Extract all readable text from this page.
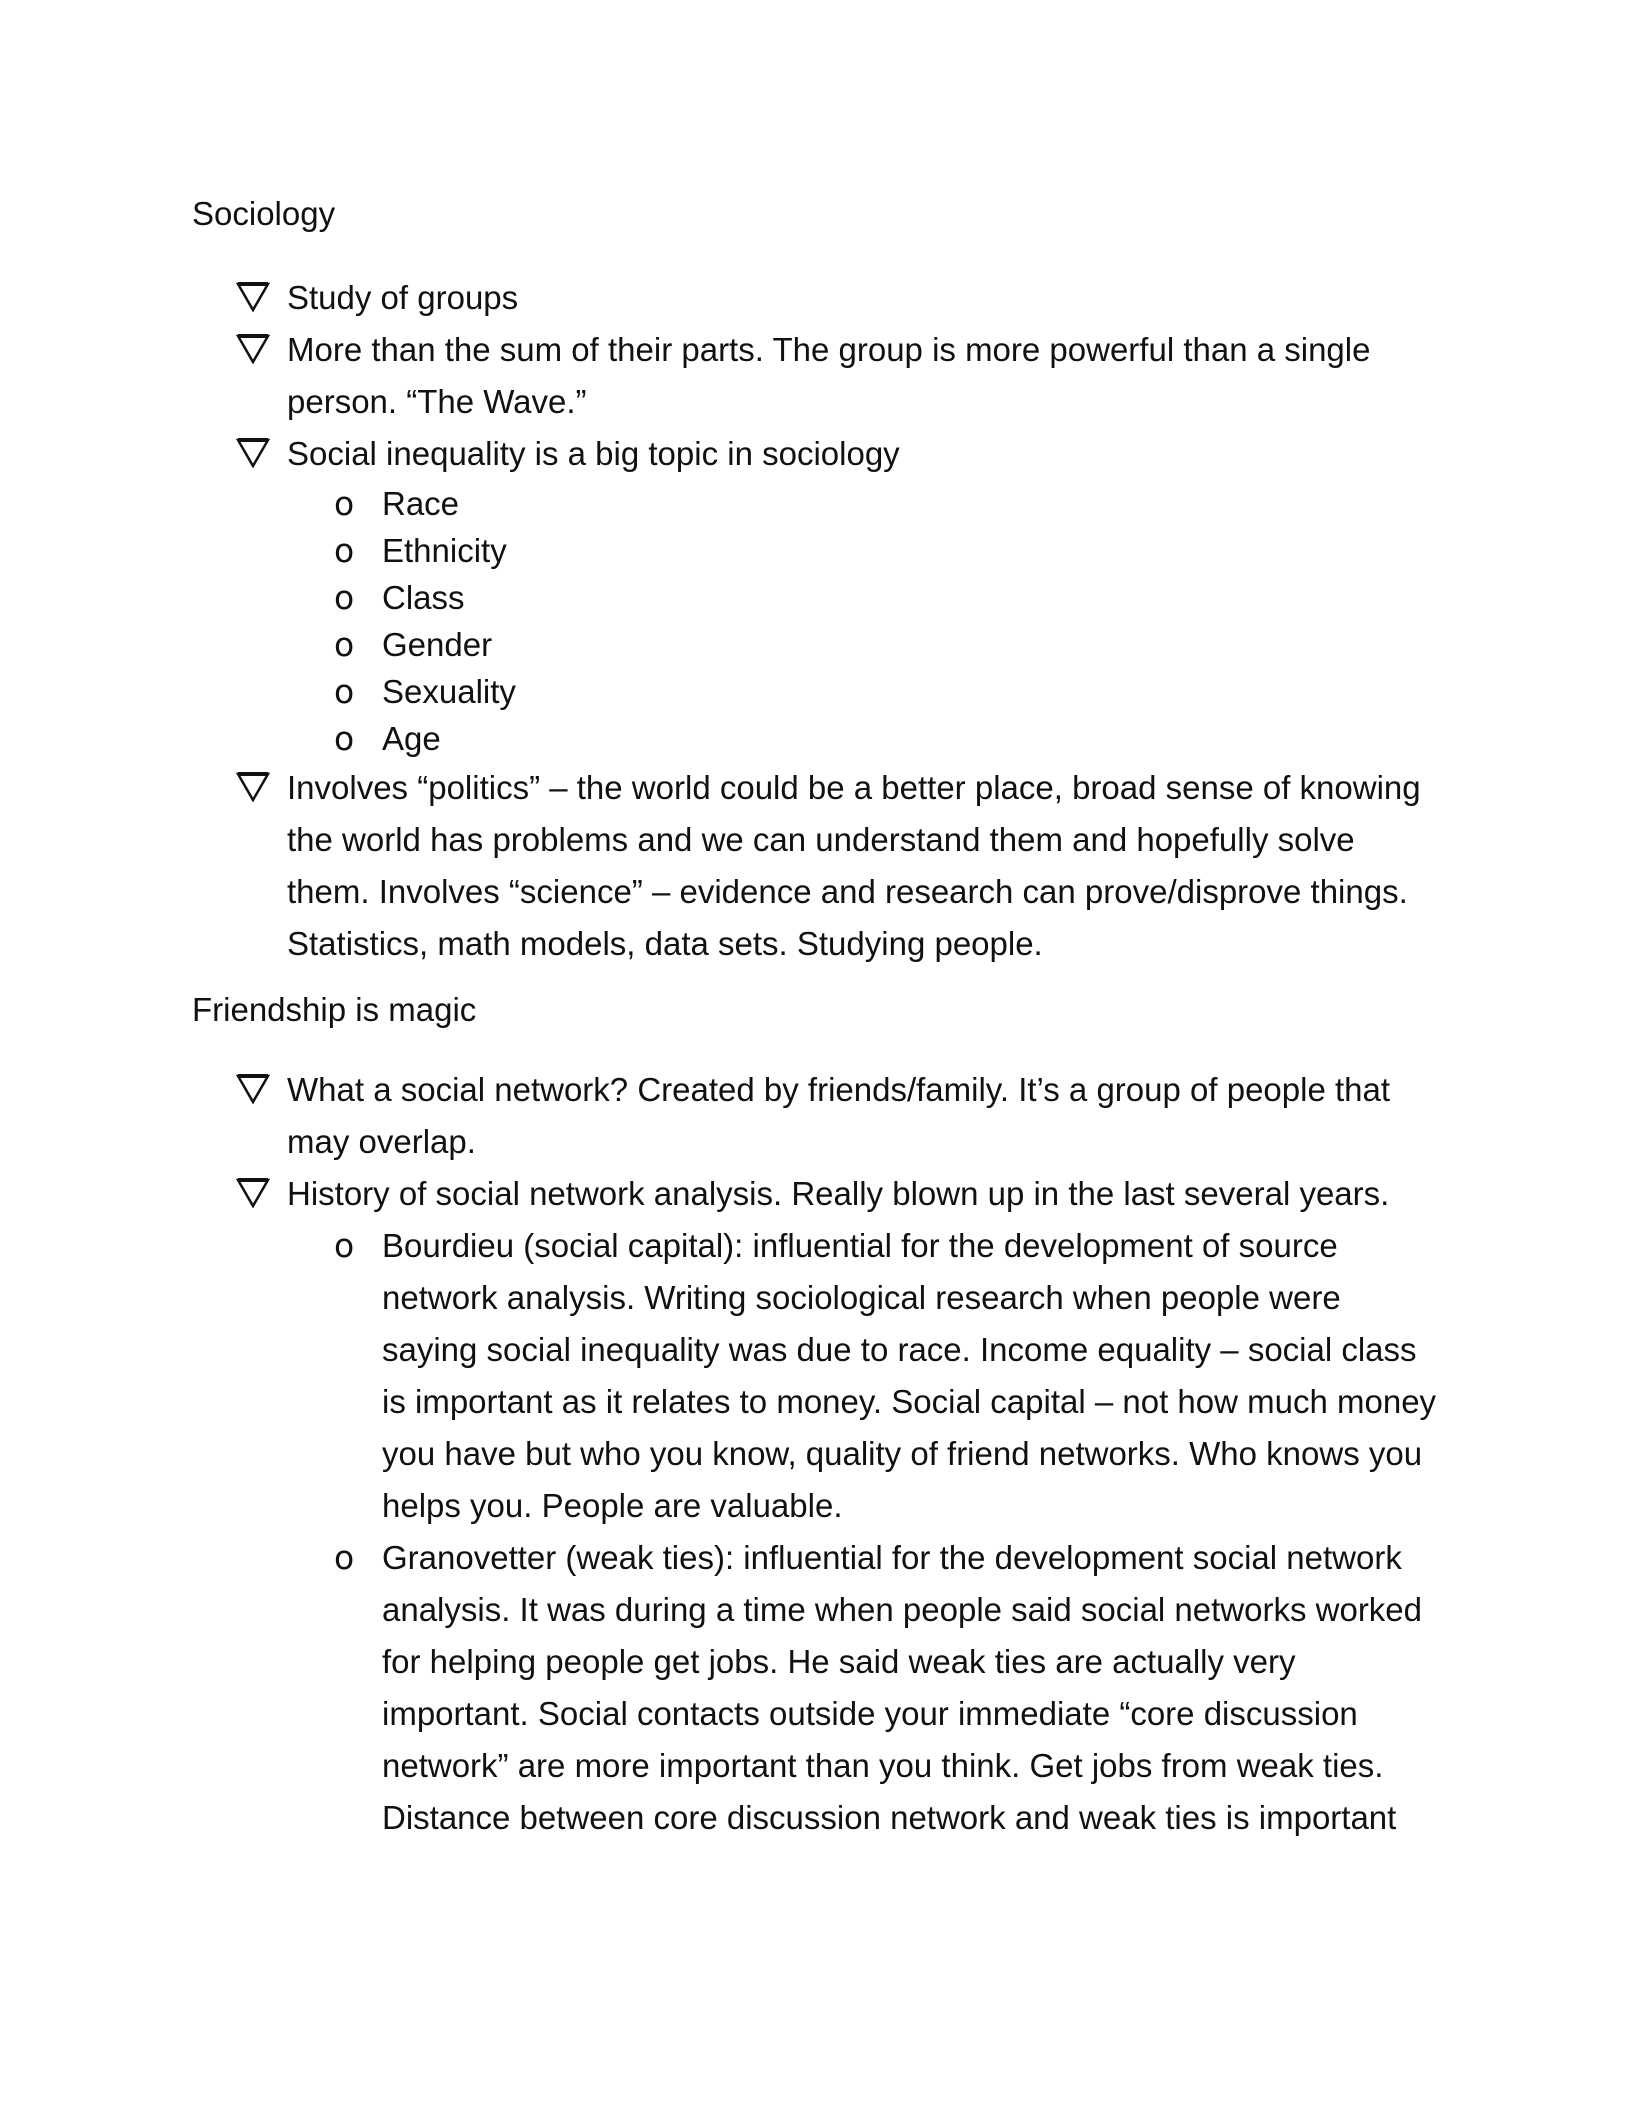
Sociology
Study of groups
More than the sum of their parts. The group is more powerful than a single person. “The Wave.”
Social inequality is a big topic in sociology
o Race
o Ethnicity
o Class
o Gender
o Sexuality
o Age
Involves “politics” – the world could be a better place, broad sense of knowing the world has problems and we can understand them and hopefully solve them. Involves “science” – evidence and research can prove/disprove things. Statistics, math models, data sets. Studying people.
Friendship is magic
What a social network? Created by friends/family. It’s a group of people that may overlap.
History of social network analysis. Really blown up in the last several years.
o Bourdieu (social capital): influential for the development of source network analysis. Writing sociological research when people were saying social inequality was due to race. Income equality – social class is important as it relates to money. Social capital – not how much money you have but who you know, quality of friend networks. Who knows you helps you. People are valuable.
o Granovetter (weak ties): influential for the development social network analysis. It was during a time when people said social networks worked for helping people get jobs. He said weak ties are actually very important. Social contacts outside your immediate “core discussion network” are more important than you think. Get jobs from weak ties. Distance between core discussion network and weak ties is important
